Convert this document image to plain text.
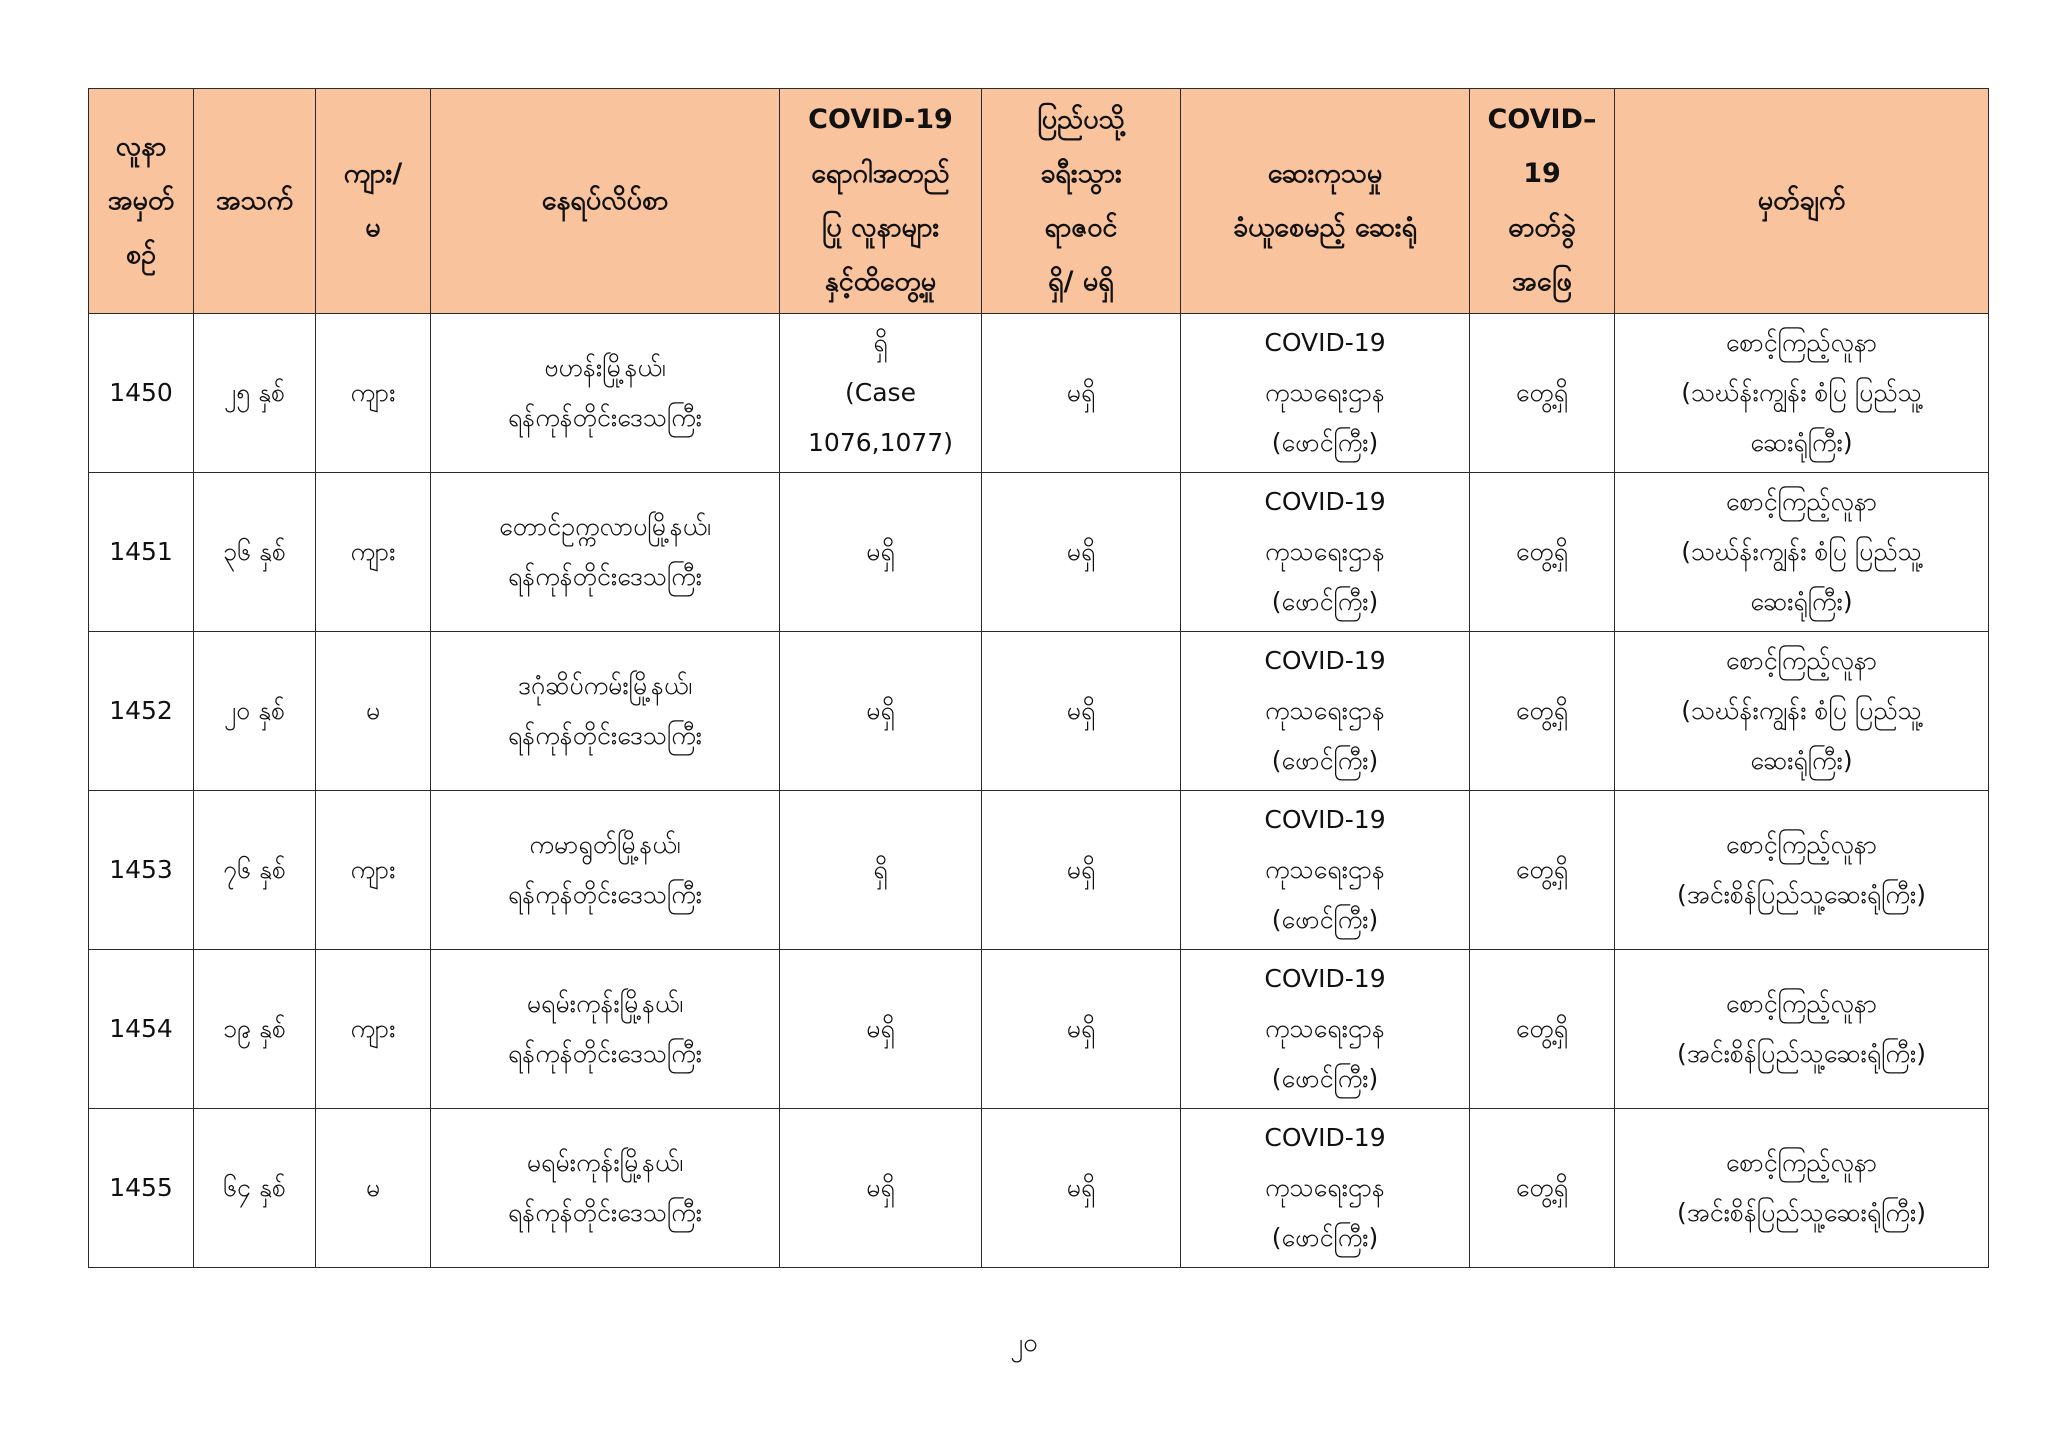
လူနာ
အမှတ်
စဉ်	အသက်	ကျား/
မ	နေရပ်လိပ်စာ	COVID-19
ရောဂါအတည်
ပြု လူနာများ
နှင့်ထိတွေ့မှု	ပြည်ပသို့
ခရီးသွား
ရာဇဝင်
ရှိ/ မရှိ	ဆေးကုသမှု
ခံယူစေမည့် ဆေးရုံ	COVID–
19
ဓာတ်ခွဲ
အဖြေ	မှတ်ချက်

1450	၂၅ နှစ်	ကျား	ဗဟန်းမြို့နယ်၊
ရန်ကုန်တိုင်းဒေသကြီး	ရှိ
(Case
1076,1077)	မရှိ	COVID-19
ကုသရေးဌာန
(ဖောင်ကြီး)	တွေ့ရှိ	စောင့်ကြည့်လူနာ
(သဃ်န်းကျွန်း စံပြ ပြည်သူ့
ဆေးရုံကြီး)

1451	၃၆ နှစ်	ကျား	တောင်ဥက္ကလာပမြို့နယ်၊
ရန်ကုန်တိုင်းဒေသကြီး	မရှိ	မရှိ	COVID-19
ကုသရေးဌာန
(ဖောင်ကြီး)	တွေ့ရှိ	စောင့်ကြည့်လူနာ
(သဃ်န်းကျွန်း စံပြ ပြည်သူ့
ဆေးရုံကြီး)

1452	၂၀ နှစ်	မ	ဒဂုံဆိပ်ကမ်းမြို့နယ်၊
ရန်ကုန်တိုင်းဒေသကြီး	မရှိ	မရှိ	COVID-19
ကုသရေးဌာန
(ဖောင်ကြီး)	တွေ့ရှိ	စောင့်ကြည့်လူနာ
(သဃ်န်းကျွန်း စံပြ ပြည်သူ့
ဆေးရုံကြီး)

1453	၇၆ နှစ်	ကျား	ကမာရွတ်မြို့နယ်၊
ရန်ကုန်တိုင်းဒေသကြီး	ရှိ	မရှိ	COVID-19
ကုသရေးဌာန
(ဖောင်ကြီး)	တွေ့ရှိ	စောင့်ကြည့်လူနာ
(အင်းစိန်ပြည်သူ့ဆေးရုံကြီး)

1454	၁၉ နှစ်	ကျား	မရမ်းကုန်းမြို့နယ်၊
ရန်ကုန်တိုင်းဒေသကြီး	မရှိ	မရှိ	COVID-19
ကုသရေးဌာန
(ဖောင်ကြီး)	တွေ့ရှိ	စောင့်ကြည့်လူနာ
(အင်းစိန်ပြည်သူ့ဆေးရုံကြီး)

1455	၆၄ နှစ်	မ	မရမ်းကုန်းမြို့နယ်၊
ရန်ကုန်တိုင်းဒေသကြီး	မရှိ	မရှိ	COVID-19
ကုသရေးဌာန
(ဖောင်ကြီး)	တွေ့ရှိ	စောင့်ကြည့်လူနာ
(အင်းစိန်ပြည်သူ့ဆေးရုံကြီး)
၂၀
